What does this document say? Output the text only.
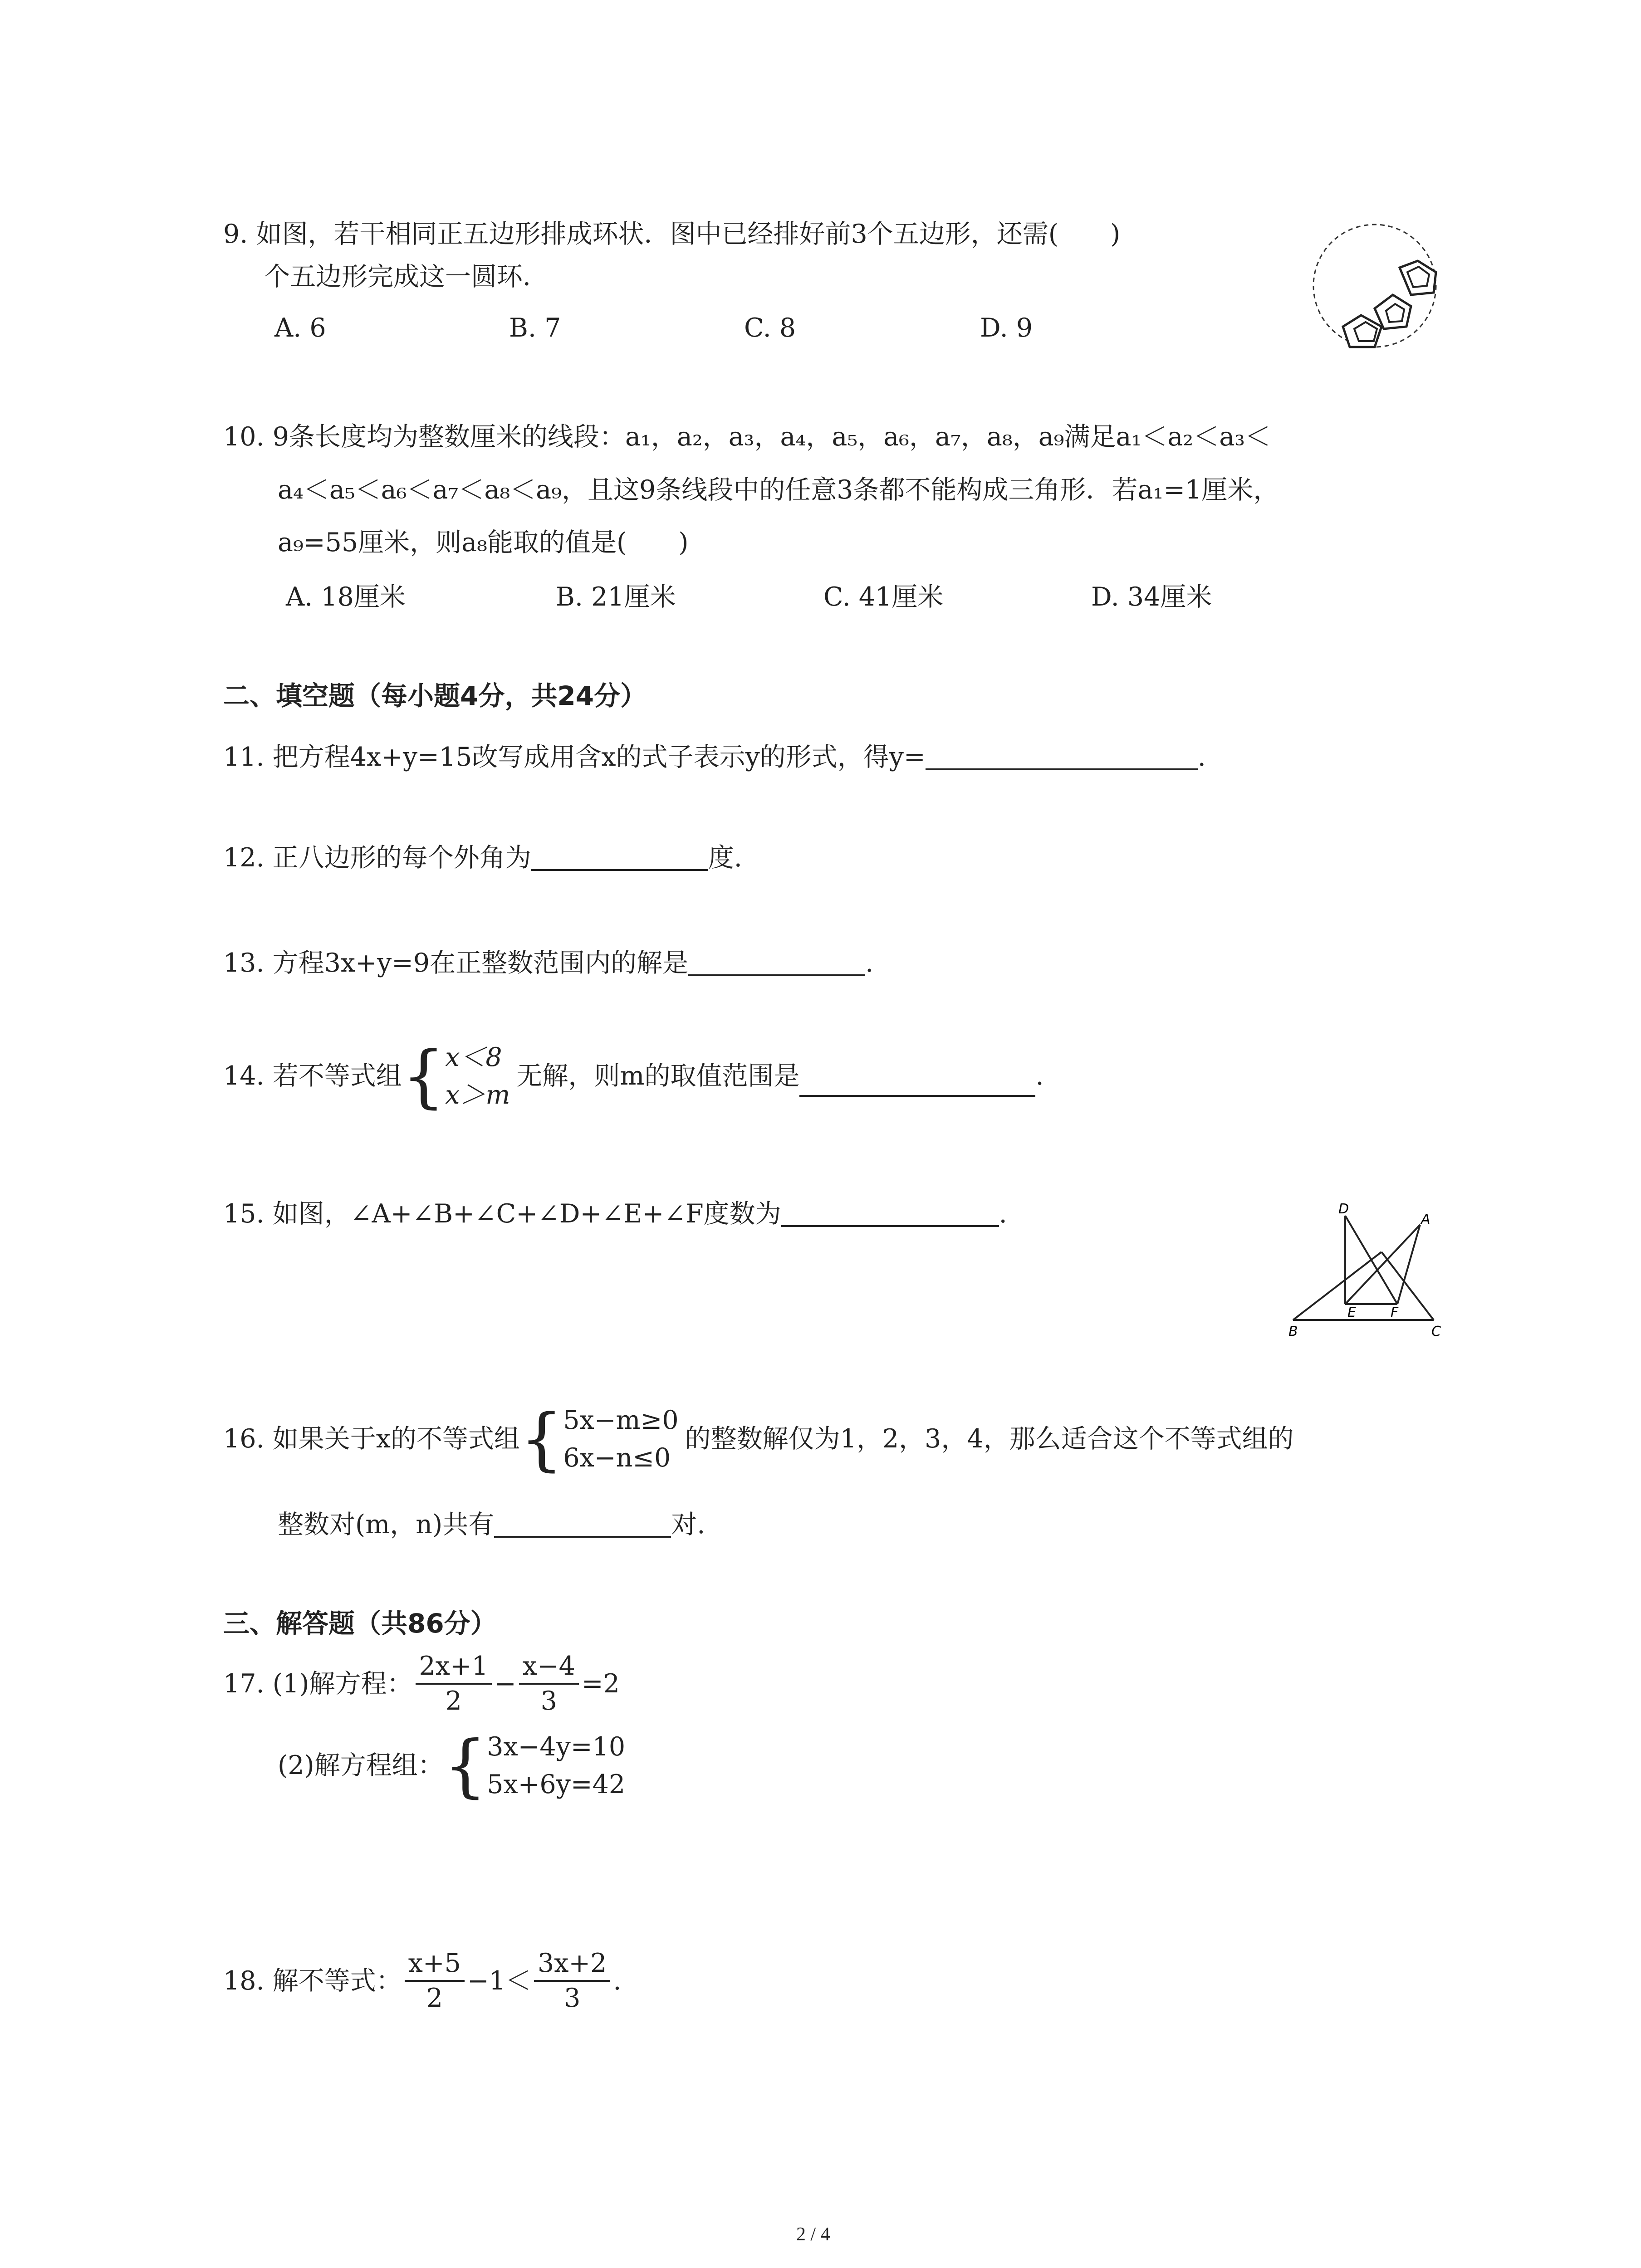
9. 如图，若干相同正五边形排成环状．图中已经排好前3个五边形，还需(　　)
个五边形完成这一圆环．
A. 6	B. 7	C. 8	D. 9
10. 9条长度均为整数厘米的线段：a₁，a₂，a₃，a₄，a₅，a₆，a₇，a₈，a₉满足a₁＜a₂＜a₃＜
a₄＜a₅＜a₆＜a₇＜a₈＜a₉，且这9条线段中的任意3条都不能构成三角形．若a₁=1厘米，
a₉=55厘米，则a₈能取的值是(　　)
A. 18厘米	B. 21厘米	C. 41厘米	D. 34厘米
二、填空题（每小题4分，共24分）
11. 把方程4x+y=15改写成用含x的式子表示y的形式，得y=	.
12. 正八边形的每个外角为	度.
13. 方程3x+y=9在正整数范围内的解是	.
14. 若不等式组 { x＜8
x＞m
无解，则m的取值范围是	.
15. 如图，∠A+∠B+∠C+∠D+∠E+∠F度数为	.	D
A
E	F
B	C
16. 如果关于x的不等式组 { 5x−m≥0
6x−n≤0
的整数解仅为1，2，3，4，那么适合这个不等式组的
整数对(m，n)共有	对.
三、解答题（共86分）
17. (1)解方程： $\frac{2x+1}{2} - \frac{x-4}{3} =2$
(2)解方程组： { 3x−4y=10
5x+6y=42
18. 解不等式： $\frac{x+5}{2} -1< \frac{3x+2}{3}$ .
2 / 4
